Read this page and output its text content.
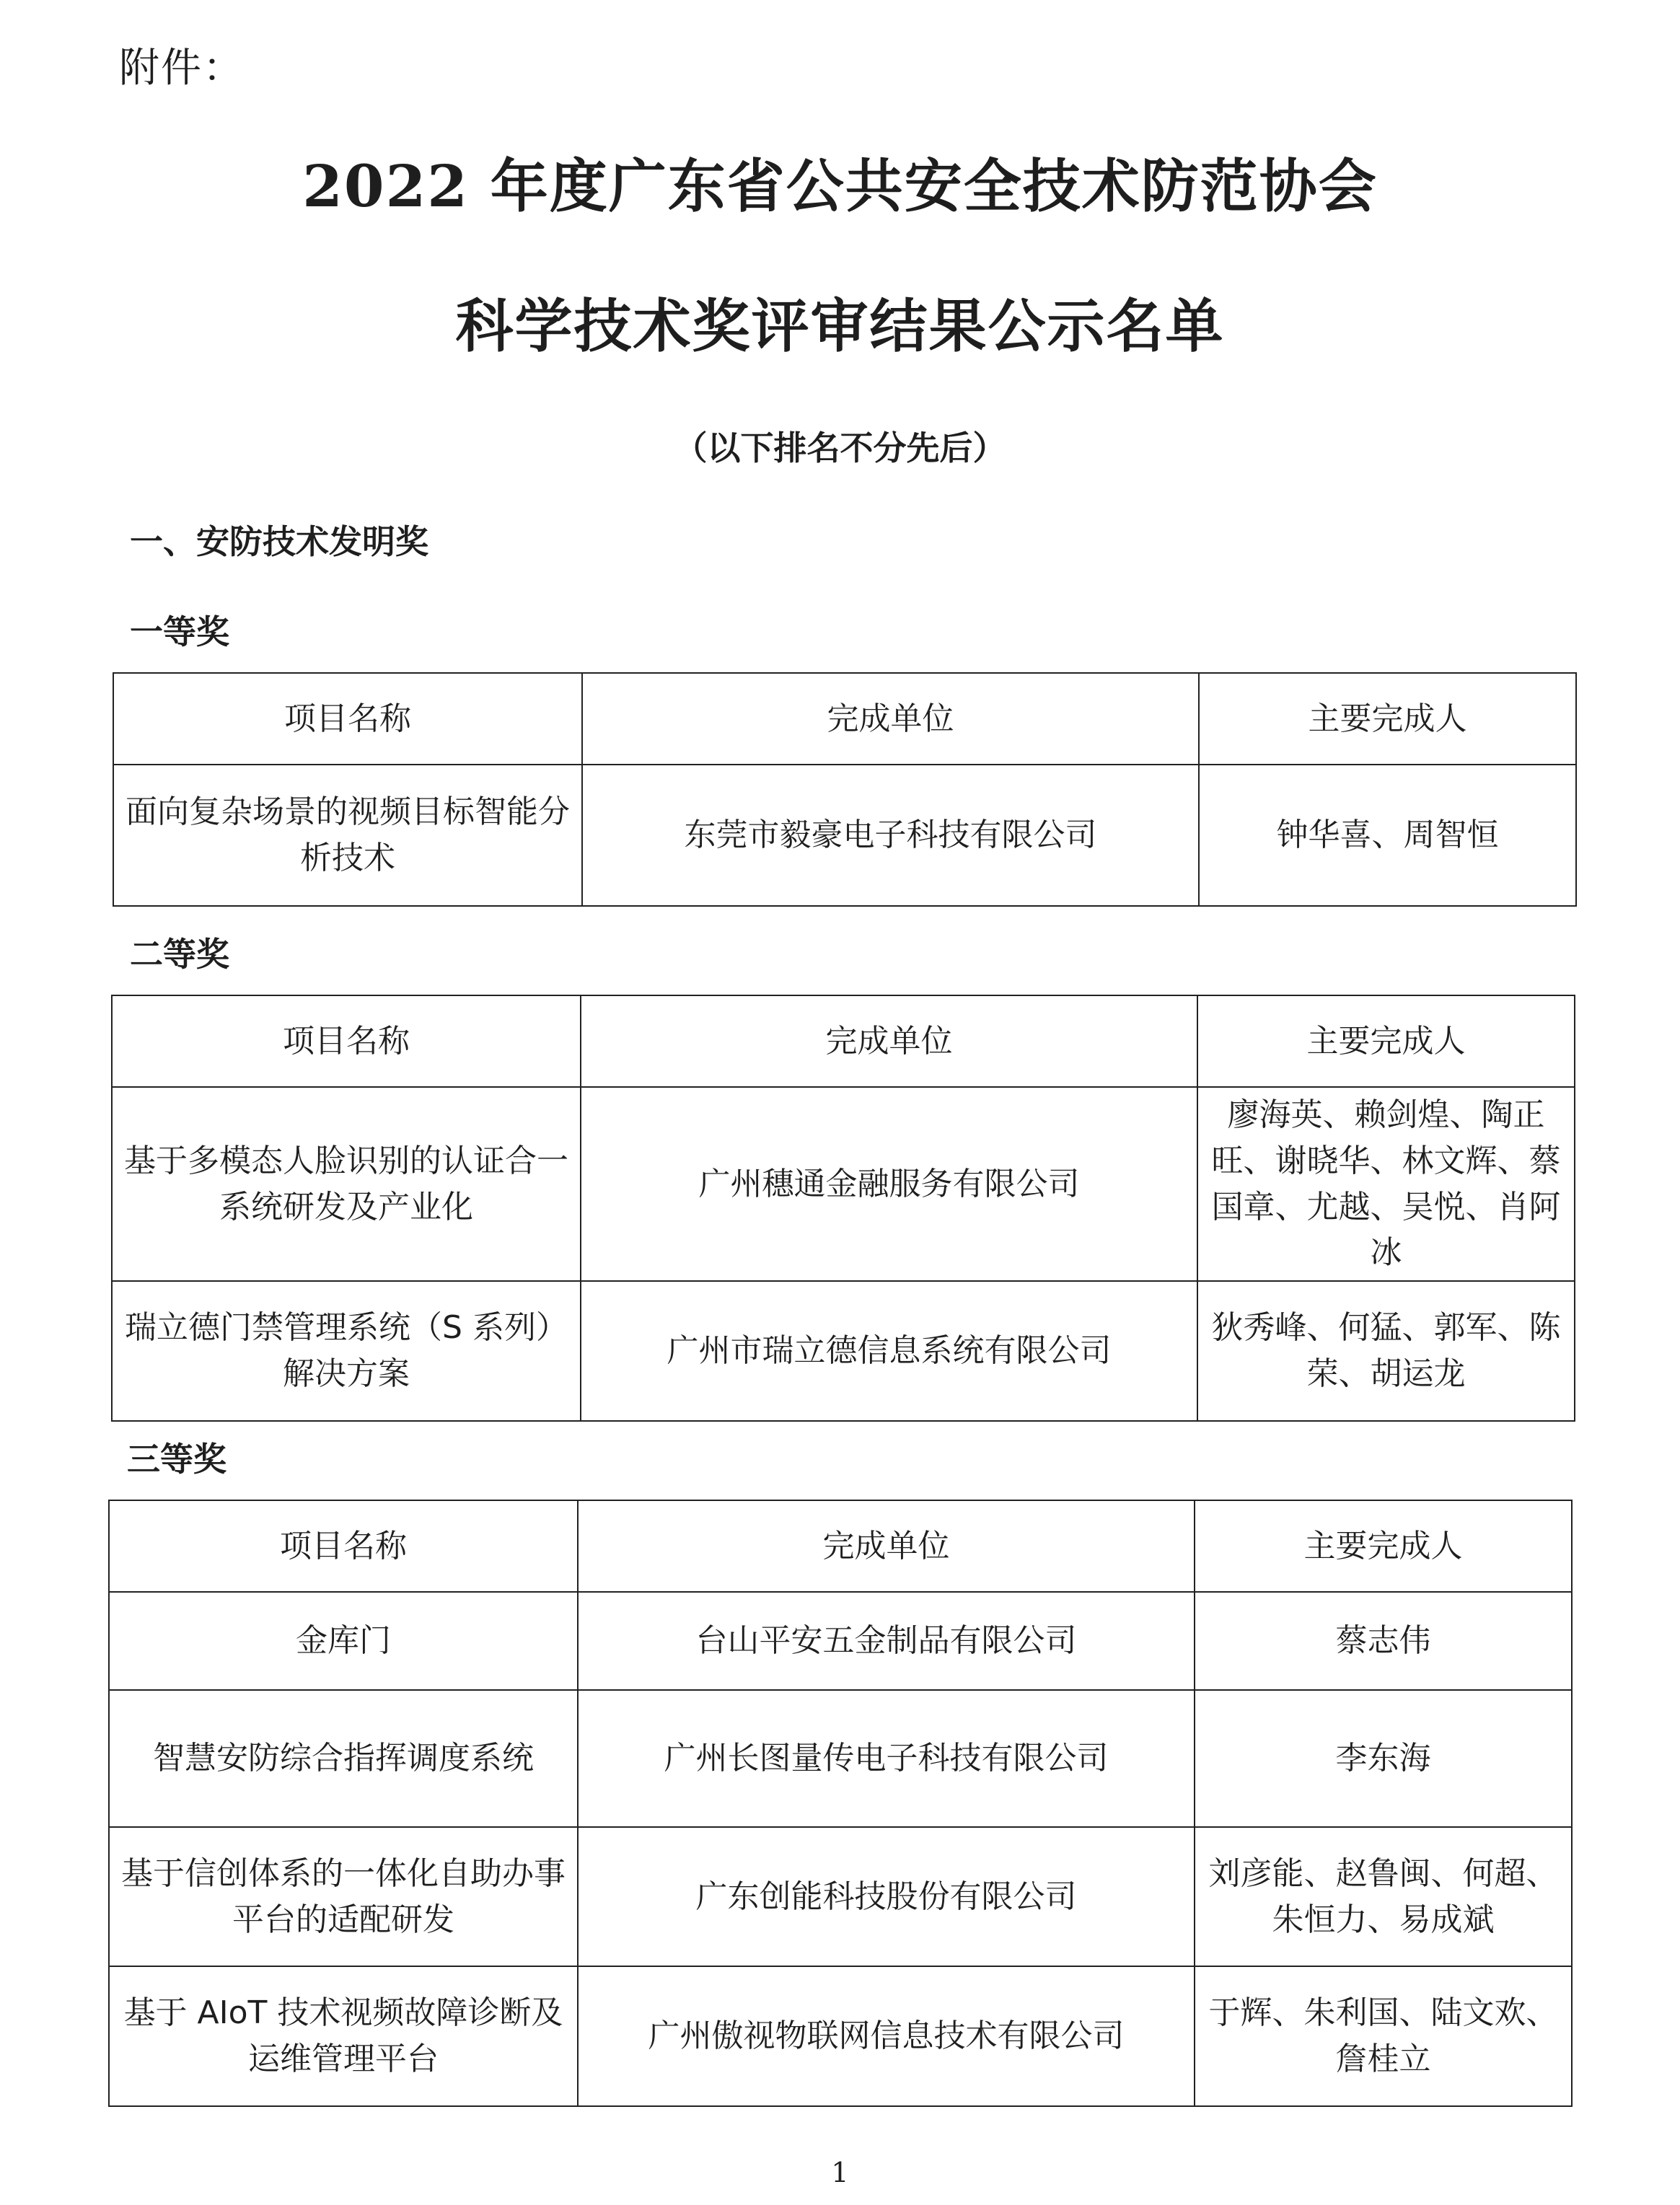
附件：
2022 年度广东省公共安全技术防范协会
科学技术奖评审结果公示名单
（以下排名不分先后）
一、安防技术发明奖
一等奖
项目名称	完成单位	主要完成人
面向复杂场景的视频目标智能分析技术	东莞市毅豪电子科技有限公司	钟华喜、周智恒
二等奖
项目名称	完成单位	主要完成人
基于多模态人脸识别的认证合一系统研发及产业化	广州穗通金融服务有限公司	廖海英、赖剑煌、陶正旺、谢晓华、林文辉、蔡国章、尤越、吴悦、肖阿冰
瑞立德门禁管理系统（S 系列）解决方案	广州市瑞立德信息系统有限公司	狄秀峰、何猛、郭军、陈荣、胡运龙
三等奖
项目名称	完成单位	主要完成人
金库门	台山平安五金制品有限公司	蔡志伟
智慧安防综合指挥调度系统	广州长图量传电子科技有限公司	李东海
基于信创体系的一体化自助办事平台的适配研发	广东创能科技股份有限公司	刘彦能、赵鲁闽、何超、朱恒力、易成斌
基于 AIoT 技术视频故障诊断及运维管理平台	广州傲视物联网信息技术有限公司	于辉、朱利国、陆文欢、詹桂立
1
